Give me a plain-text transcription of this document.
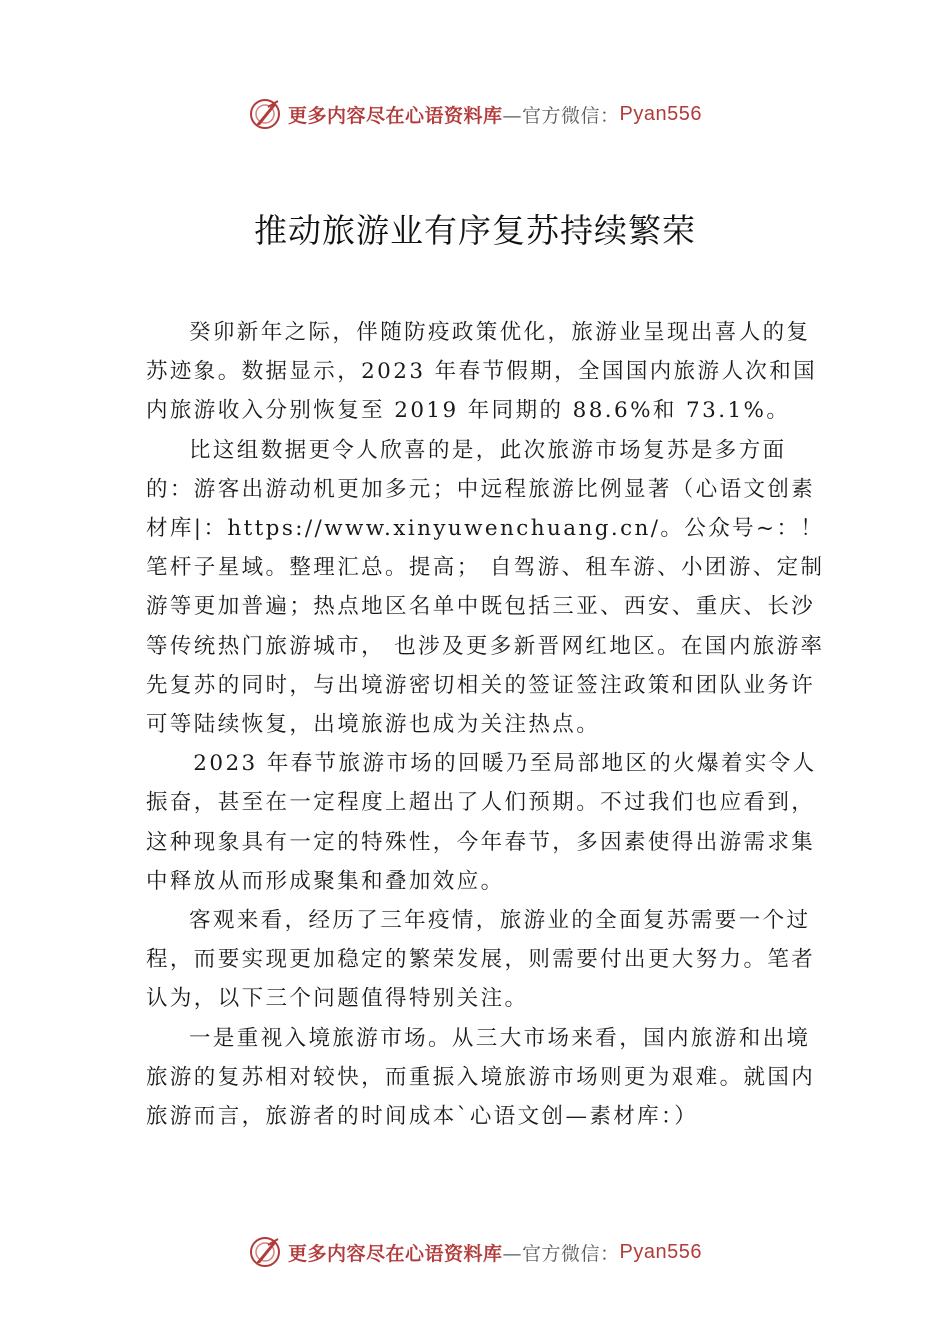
更多内容尽在心语资料库 —官方微信： Pyan556
推动旅游业有序复苏持续繁荣

癸卯新年之际，伴随防疫政策优化，旅游业呈现出喜人的复苏迹象。数据显示，2023 年春节假期，全国国内旅游人次和国内旅游收入分别恢复至 2019 年同期的 88.6%和 73.1%。

比这组数据更令人欣喜的是，此次旅游市场复苏是多方面的：游客出游动机更加多元；中远程旅游比例显著（心语文创素材库|：https://www.xinyuwenchuang.cn/。公众号~：！笔杆子星域。整理汇总。提高； 自驾游、租车游、小团游、定制游等更加普遍；热点地区名单中既包括三亚、西安、重庆、长沙等传统热门旅游城市， 也涉及更多新晋网红地区。在国内旅游率先复苏的同时，与出境游密切相关的签证签注政策和团队业务许可等陆续恢复，出境旅游也成为关注热点。

2023 年春节旅游市场的回暖乃至局部地区的火爆着实令人振奋，甚至在一定程度上超出了人们预期。不过我们也应看到，这种现象具有一定的特殊性，今年春节，多因素使得出游需求集中释放从而形成聚集和叠加效应。

客观来看，经历了三年疫情，旅游业的全面复苏需要一个过程，而要实现更加稳定的繁荣发展，则需要付出更大努力。笔者认为，以下三个问题值得特别关注。

一是重视入境旅游市场。从三大市场来看，国内旅游和出境旅游的复苏相对较快，而重振入境旅游市场则更为艰难。就国内旅游而言，旅游者的时间成本`心语文创—素材库：）

更多内容尽在心语资料库 —官方微信： Pyan556
